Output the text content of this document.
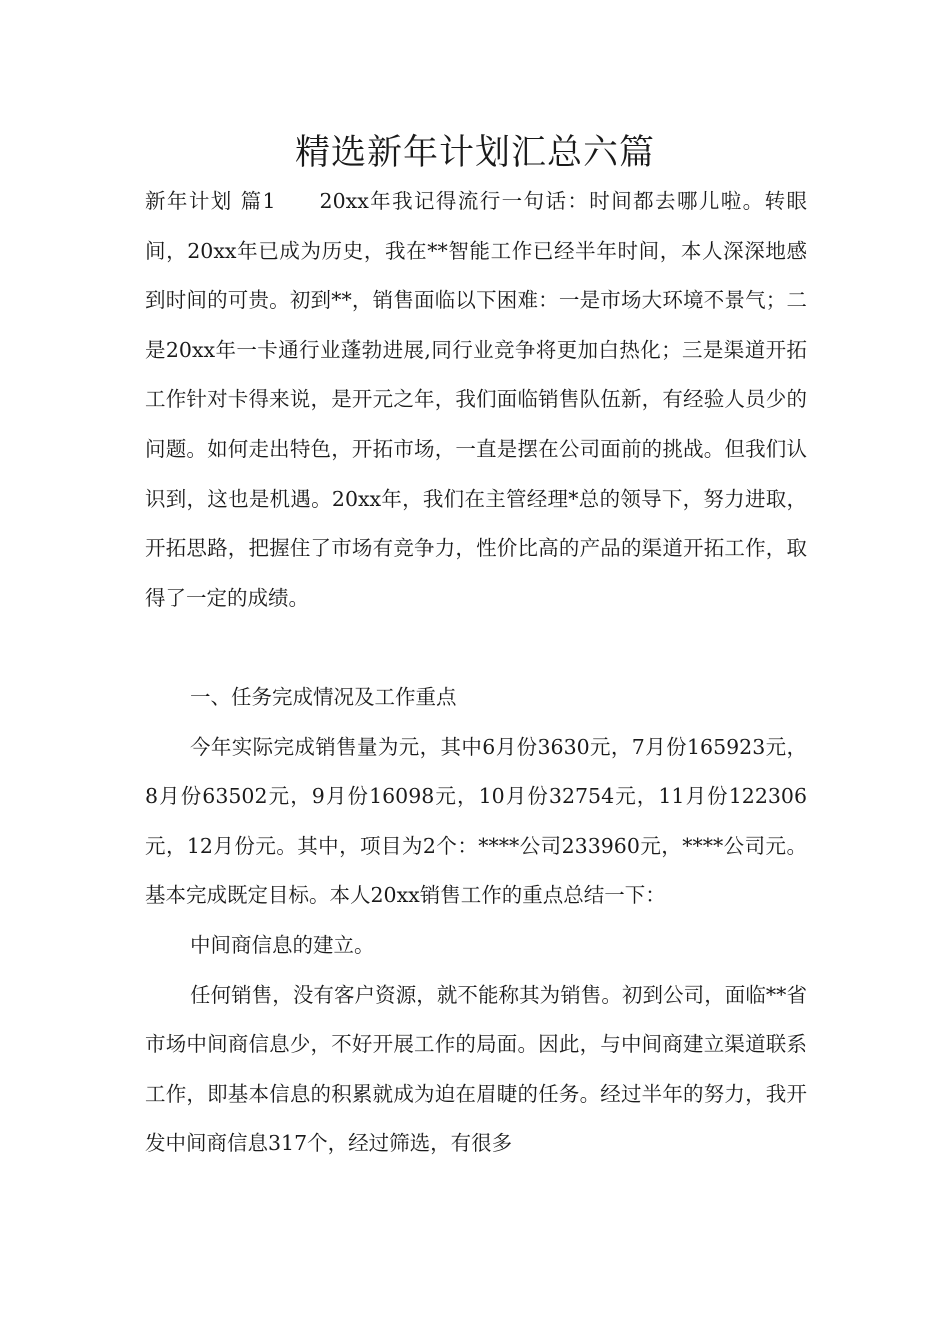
精选新年计划汇总六篇

新年计划 篇1 20xx年我记得流行一句话：时间都去哪儿啦。转眼间，20xx年已成为历史，我在**智能工作已经半年时间，本人深深地感到时间的可贵。初到**，销售面临以下困难：一是市场大环境不景气；二是20xx年一卡通行业蓬勃进展,同行业竞争将更加白热化；三是渠道开拓工作针对卡得来说，是开元之年，我们面临销售队伍新，有经验人员少的问题。如何走出特色，开拓市场，一直是摆在公司面前的挑战。但我们认识到，这也是机遇。20xx年，我们在主管经理*总的领导下，努力进取，开拓思路，把握住了市场有竞争力，性价比高的产品的渠道开拓工作，取得了一定的成绩。

一、任务完成情况及工作重点

今年实际完成销售量为元，其中6月份3630元，7月份165923元，8月份63502元，9月份16098元，10月份32754元，11月份122306元，12月份元。其中，项目为2个：****公司233960元，****公司元。基本完成既定目标。本人20xx销售工作的重点总结一下：

中间商信息的建立。

任何销售，没有客户资源，就不能称其为销售。初到公司，面临**省市场中间商信息少，不好开展工作的局面。因此，与中间商建立渠道联系工作，即基本信息的积累就成为迫在眉睫的任务。经过半年的努力，我开发中间商信息317个，经过筛选，有很多
